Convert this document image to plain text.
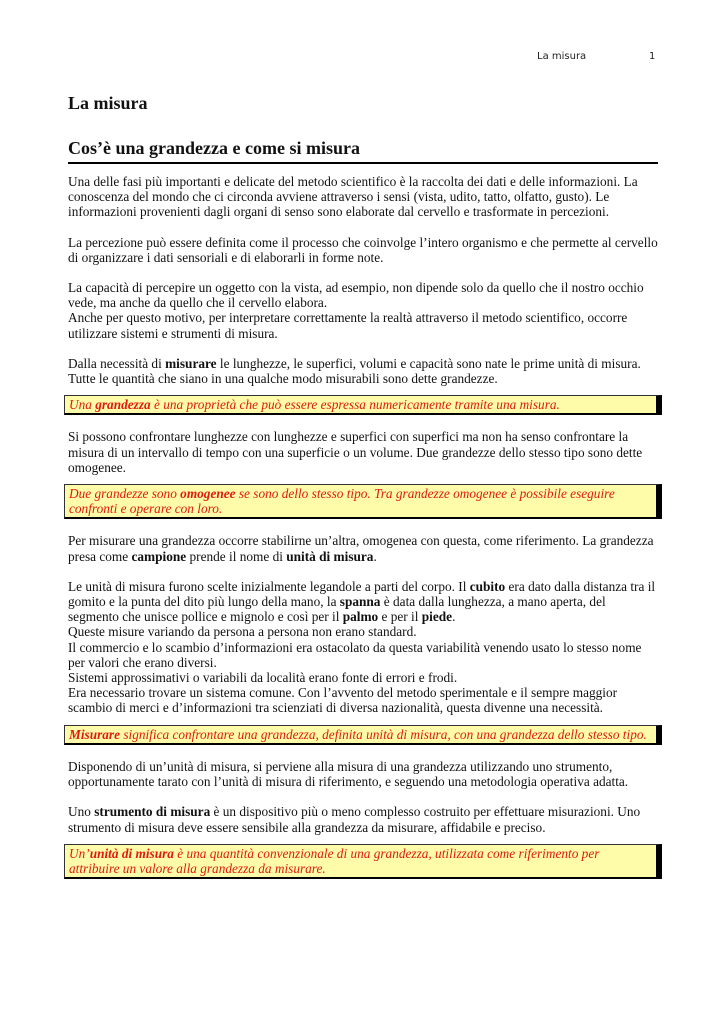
La misura	1
La misura
Cos’è una grandezza e come si misura

Una delle fasi più importanti e delicate del metodo scientifico è la raccolta dei dati e delle informazioni. La conoscenza del mondo che ci circonda avviene attraverso i sensi (vista, udito, tatto, olfatto, gusto). Le informazioni provenienti dagli organi di senso sono elaborate dal cervello e trasformate in percezioni.

La percezione può essere definita come il processo che coinvolge l’intero organismo e che permette al cervello di organizzare i dati sensoriali e di elaborarli in forme note.

La capacità di percepire un oggetto con la vista, ad esempio, non dipende solo da quello che il nostro occhio vede, ma anche da quello che il cervello elabora.

Anche per questo motivo, per interpretare correttamente la realtà attraverso il metodo scientifico, occorre utilizzare sistemi e strumenti di misura.

Dalla necessità di misurare le lunghezze, le superfici, volumi e capacità sono nate le prime unità di misura.

Tutte le quantità che siano in una qualche modo misurabili sono dette grandezze.

Una grandezza è una proprietà che può essere espressa numericamente tramite una misura.

Si possono confrontare lunghezze con lunghezze e superfici con superfici ma non ha senso confrontare la misura di un intervallo di tempo con una superficie o un volume. Due grandezze dello stesso tipo sono dette omogenee.

Due grandezze sono omogenee se sono dello stesso tipo. Tra grandezze omogenee è possibile eseguire confronti e operare con loro.

Per misurare una grandezza occorre stabilirne un’altra, omogenea con questa, come riferimento. La grandezza presa come campione prende il nome di unità di misura.

Le unità di misura furono scelte inizialmente legandole a parti del corpo. Il cubito era dato dalla distanza tra il gomito e la punta del dito più lungo della mano, la spanna è data dalla lunghezza, a mano aperta, del segmento che unisce pollice e mignolo e così per il palmo e per il piede.

Queste misure variando da persona a persona non erano standard.

Il commercio e lo scambio d’informazioni era ostacolato da questa variabilità venendo usato lo stesso nome per valori che erano diversi.

Sistemi approssimativi o variabili da località erano fonte di errori e frodi.

Era necessario trovare un sistema comune. Con l’avvento del metodo sperimentale e il sempre maggior scambio di merci e d’informazioni tra scienziati di diversa nazionalità, questa divenne una necessità.

Misurare significa confrontare una grandezza, definita unità di misura, con una grandezza dello stesso tipo.

Disponendo di un’unità di misura, si perviene alla misura di una grandezza utilizzando uno strumento, opportunamente tarato con l’unità di misura di riferimento, e seguendo una metodologia operativa adatta.

Uno strumento di misura è un dispositivo più o meno complesso costruito per effettuare misurazioni. Uno strumento di misura deve essere sensibile alla grandezza da misurare, affidabile e preciso.

Un’unità di misura è una quantità convenzionale di una grandezza, utilizzata come riferimento per attribuire un valore alla grandezza da misurare.
